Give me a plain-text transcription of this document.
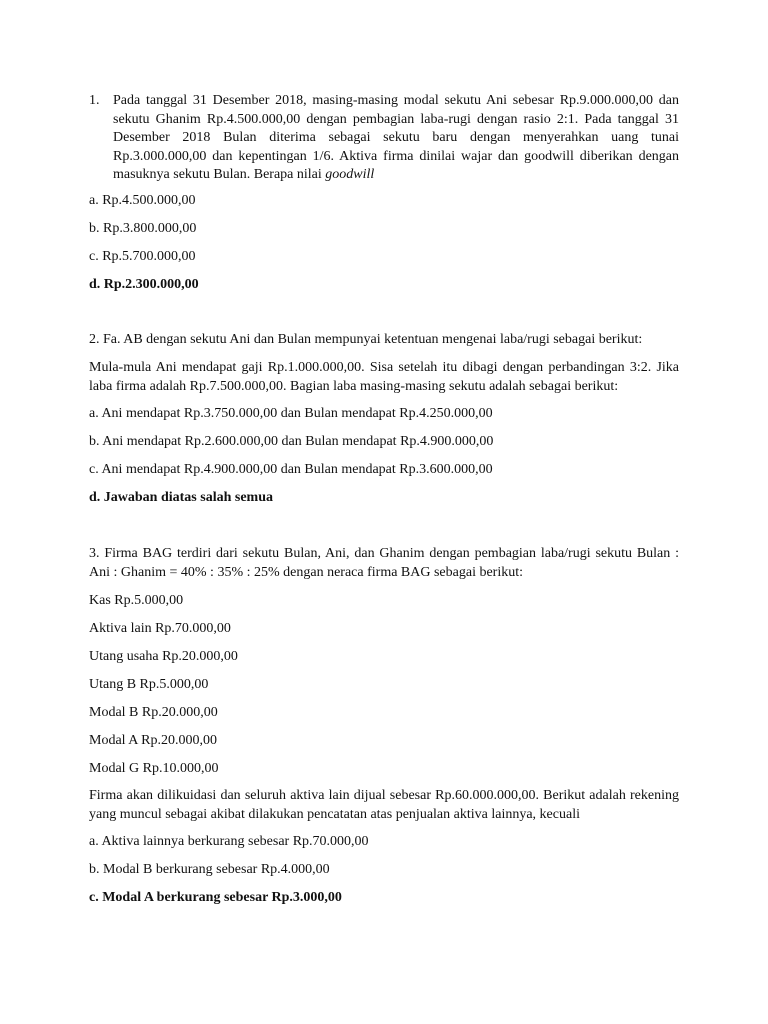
1. Pada tanggal 31 Desember 2018, masing-masing modal sekutu Ani sebesar Rp.9.000.000,00 dan sekutu Ghanim Rp.4.500.000,00 dengan pembagian laba-rugi dengan rasio 2:1. Pada tanggal 31 Desember 2018 Bulan diterima sebagai sekutu baru dengan menyerahkan uang tunai Rp.3.000.000,00 dan kepentingan 1/6. Aktiva firma dinilai wajar dan goodwill diberikan dengan masuknya sekutu Bulan. Berapa nilai goodwill
a. Rp.4.500.000,00
b. Rp.3.800.000,00
c. Rp.5.700.000,00
d. Rp.2.300.000,00
2. Fa. AB dengan sekutu Ani dan Bulan mempunyai ketentuan mengenai laba/rugi sebagai berikut:
Mula-mula Ani mendapat gaji Rp.1.000.000,00. Sisa setelah itu dibagi dengan perbandingan 3:2. Jika laba firma adalah Rp.7.500.000,00. Bagian laba masing-masing sekutu adalah sebagai berikut:
a. Ani mendapat Rp.3.750.000,00 dan Bulan mendapat Rp.4.250.000,00
b. Ani mendapat Rp.2.600.000,00 dan Bulan mendapat Rp.4.900.000,00
c. Ani mendapat Rp.4.900.000,00 dan Bulan mendapat Rp.3.600.000,00
d. Jawaban diatas salah semua
3. Firma BAG terdiri dari sekutu Bulan, Ani, dan Ghanim dengan pembagian laba/rugi sekutu Bulan : Ani : Ghanim = 40% : 35% : 25% dengan neraca firma BAG sebagai berikut:
Kas Rp.5.000,00
Aktiva lain Rp.70.000,00
Utang usaha Rp.20.000,00
Utang B Rp.5.000,00
Modal B Rp.20.000,00
Modal A Rp.20.000,00
Modal G Rp.10.000,00
Firma akan dilikuidasi dan seluruh aktiva lain dijual sebesar Rp.60.000.000,00. Berikut adalah rekening yang muncul sebagai akibat dilakukan pencatatan atas penjualan aktiva lainnya, kecuali
a. Aktiva lainnya berkurang sebesar Rp.70.000,00
b. Modal B berkurang sebesar Rp.4.000,00
c. Modal A berkurang sebesar Rp.3.000,00
